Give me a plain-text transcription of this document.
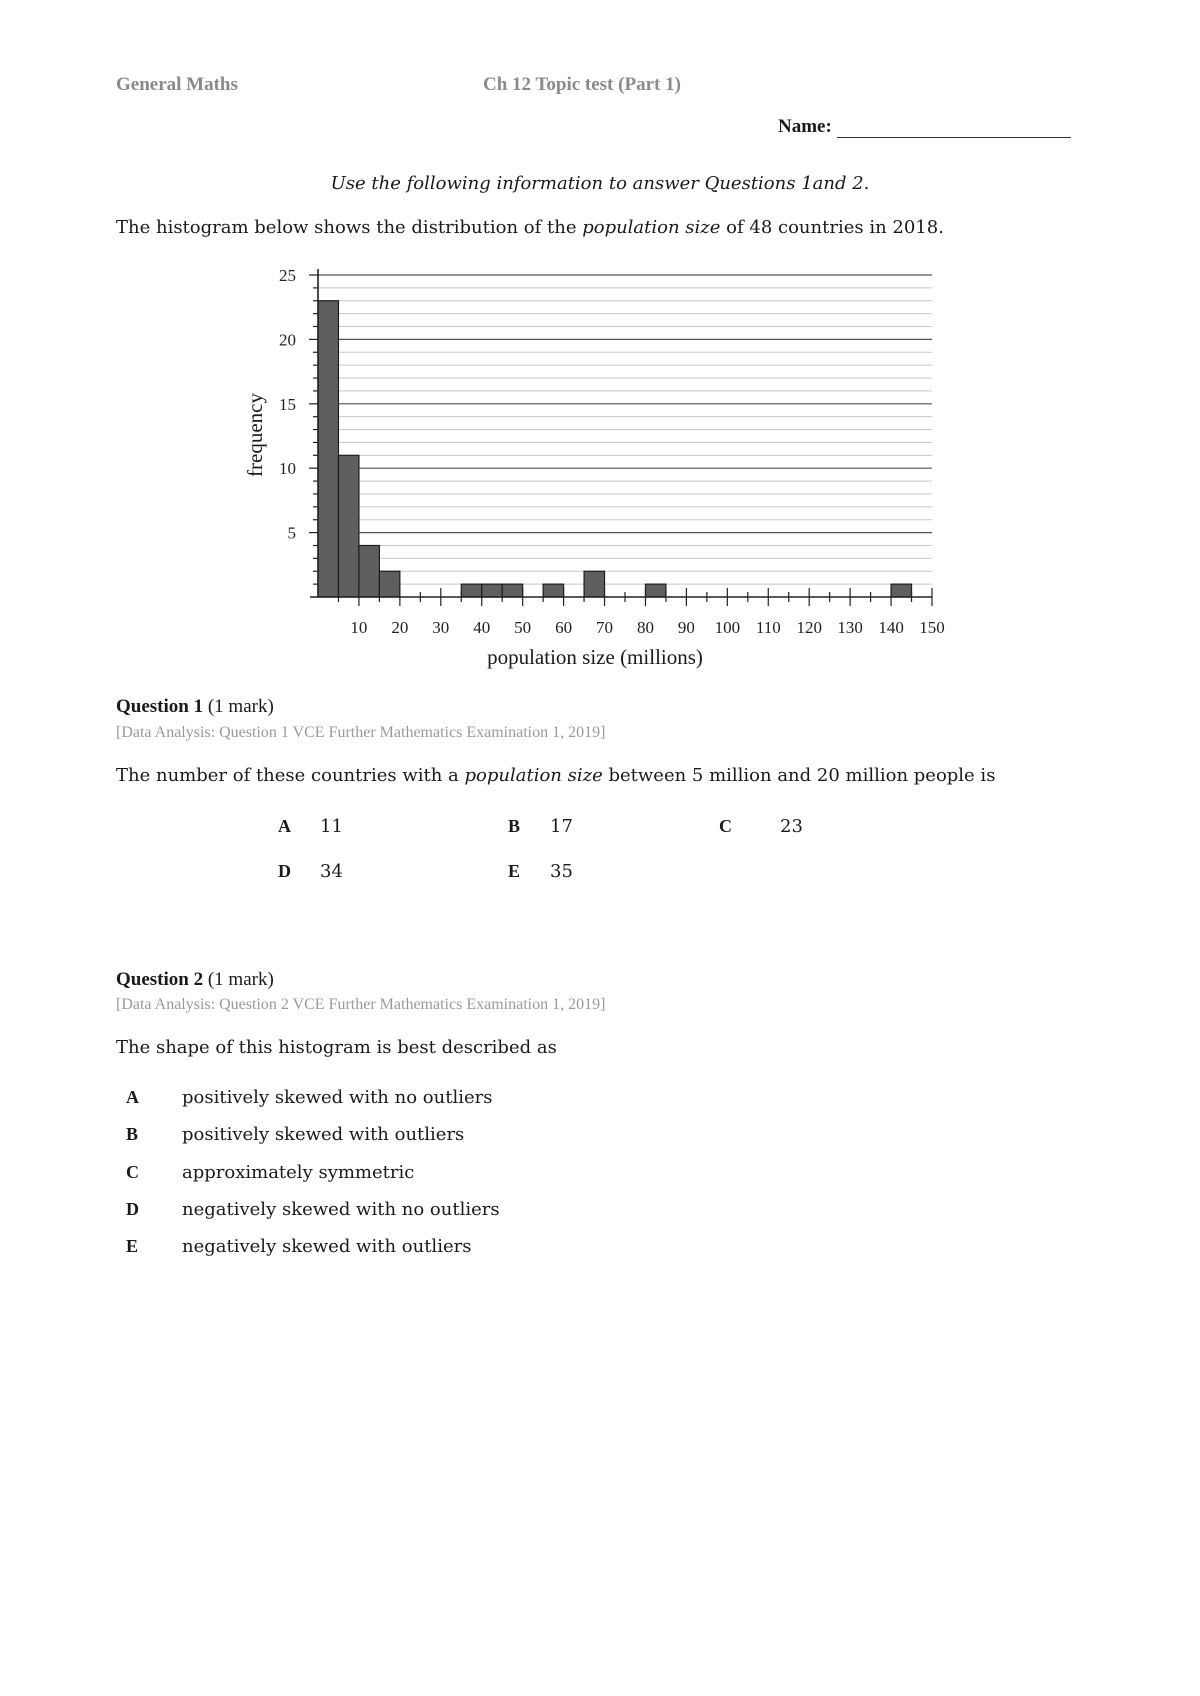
General Maths	Ch 12 Topic test (Part 1)
Name:
Use the following information to answer Questions 1and 2.
The histogram below shows the distribution of the population size of 48 countries in 2018.
5
10
15
20
25
10 20 30 40 50 60 70 80 90 100 110 120 130 140 150
population size (millions)
frequency
Question 1 (1 mark)
[Data Analysis: Question 1 VCE Further Mathematics Examination 1, 2019]
The number of these countries with a population size between 5 million and 20 million people is
A 11	B 17	C	23
D 34	E 35
Question 2 (1 mark)
[Data Analysis: Question 2 VCE Further Mathematics Examination 1, 2019]
The shape of this histogram is best described as
A positively skewed with no outliers
B positively skewed with outliers
C approximately symmetric
D negatively skewed with no outliers
E negatively skewed with outliers
